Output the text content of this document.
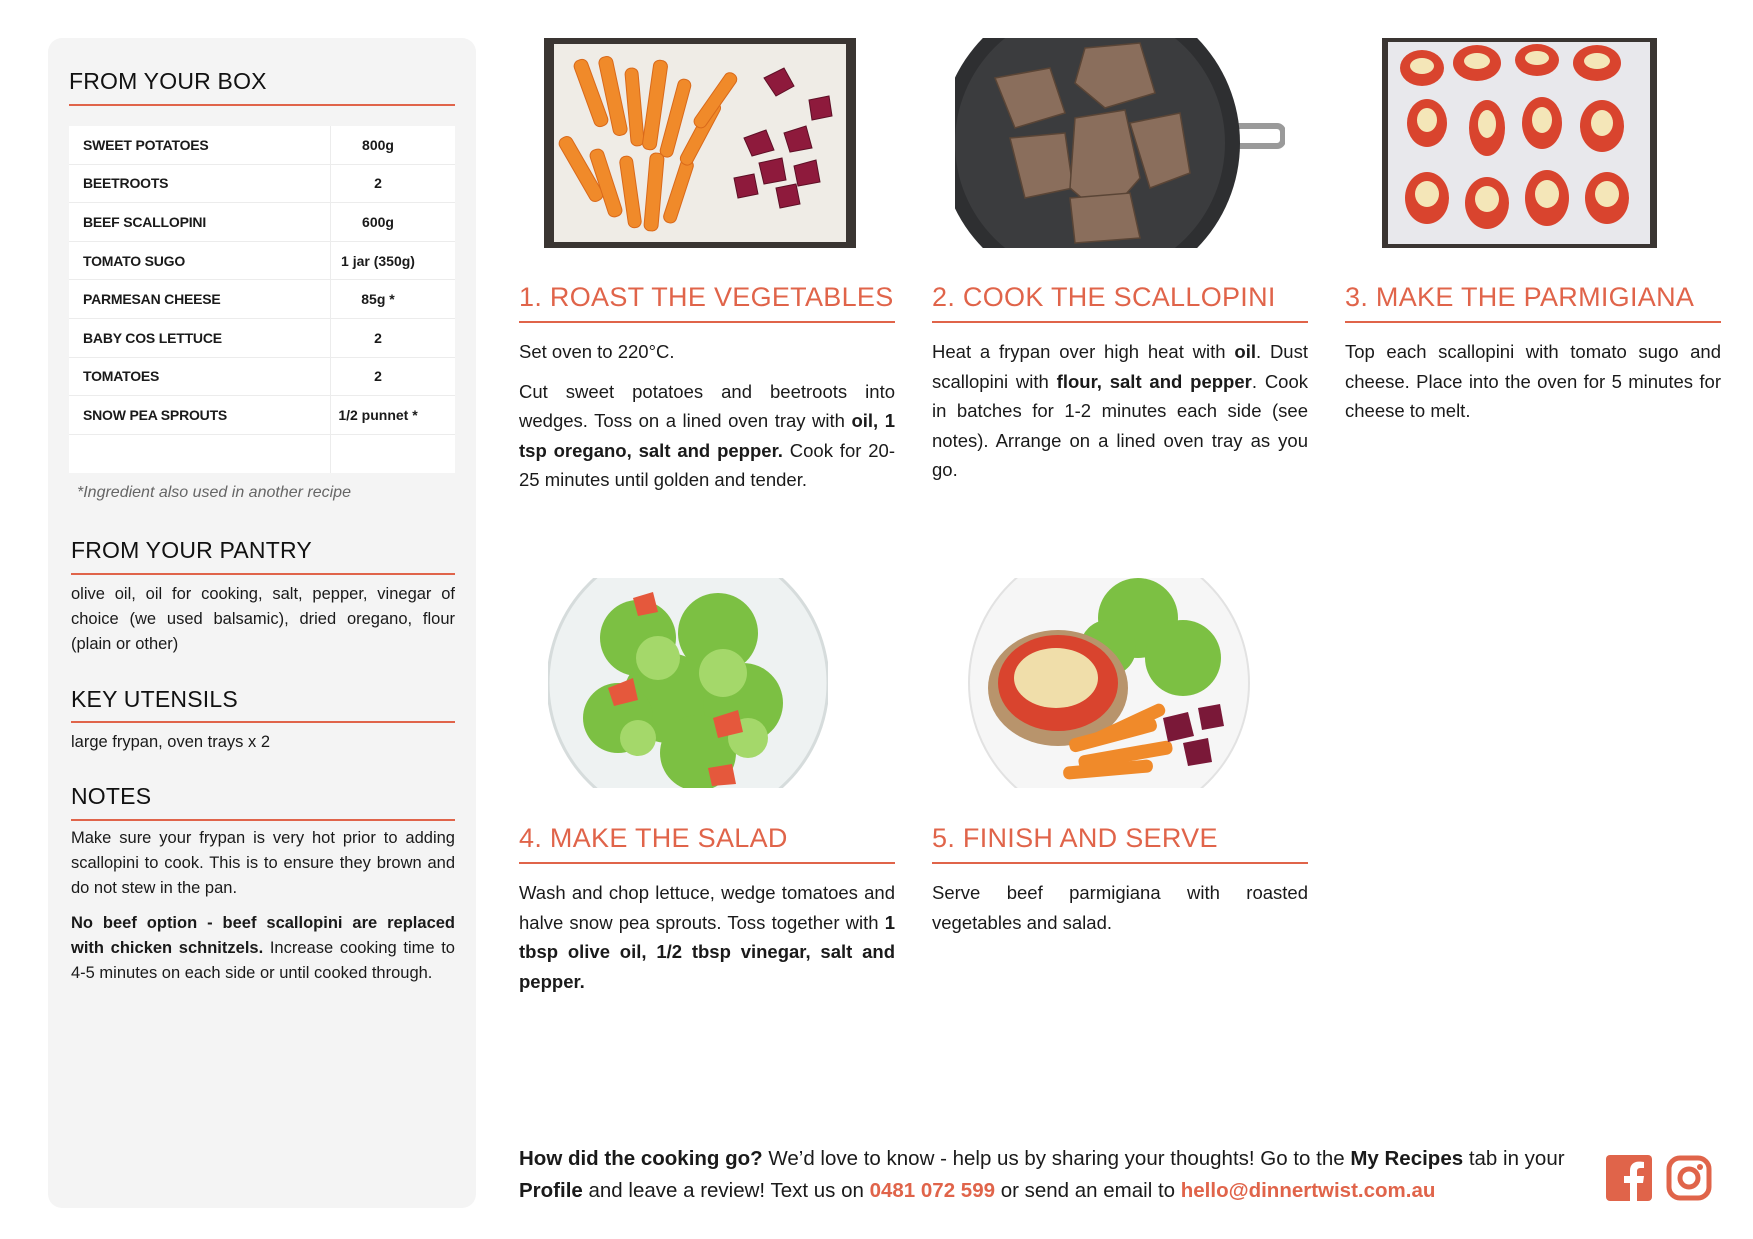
FROM YOUR BOX
SWEET POTATOES	800g
BEETROOTS	2
BEEF SCALLOPINI	600g
TOMATO SUGO	1 jar (350g)
PARMESAN CHEESE	85g *
BABY COS LETTUCE	2
TOMATOES	2
SNOW PEA SPROUTS	1/2 punnet *
*Ingredient also used in another recipe
FROM YOUR PANTRY
olive oil, oil for cooking, salt, pepper, vinegar of choice (we used balsamic), dried oregano, flour (plain or other)
KEY UTENSILS
large frypan, oven trays x 2
NOTES
Make sure your frypan is very hot prior to adding scallopini to cook. This is to ensure they brown and do not stew in the pan.
No beef option - beef scallopini are replaced with chicken schnitzels. Increase cooking time to 4-5 minutes on each side or until cooked through.
1. ROAST THE VEGETABLES

Set oven to 220°C.

Cut sweet potatoes and beetroots into wedges. Toss on a lined oven tray with oil, 1 tsp oregano, salt and pepper. Cook for 20-25 minutes until golden and tender.

2. COOK THE SCALLOPINI
Heat a frypan over high heat with oil. Dust scallopini with flour, salt and pepper. Cook in batches for 1-2 minutes each side (see notes). Arrange on a lined oven tray as you go.
3. MAKE THE PARMIGIANA
Top each scallopini with tomato sugo and cheese. Place into the oven for 5 minutes for cheese to melt.
4. MAKE THE SALAD
Wash and chop lettuce, wedge tomatoes and halve snow pea sprouts. Toss together with 1 tbsp olive oil, 1/2 tbsp vinegar, salt and pepper.
5. FINISH AND SERVE
Serve beef parmigiana with roasted vegetables and salad.
How did the cooking go? We’d love to know - help us by sharing your thoughts! Go to the My Recipes tab in your Profile and leave a review! Text us on 0481 072 599 or send an email to hello@dinnertwist.com.au
